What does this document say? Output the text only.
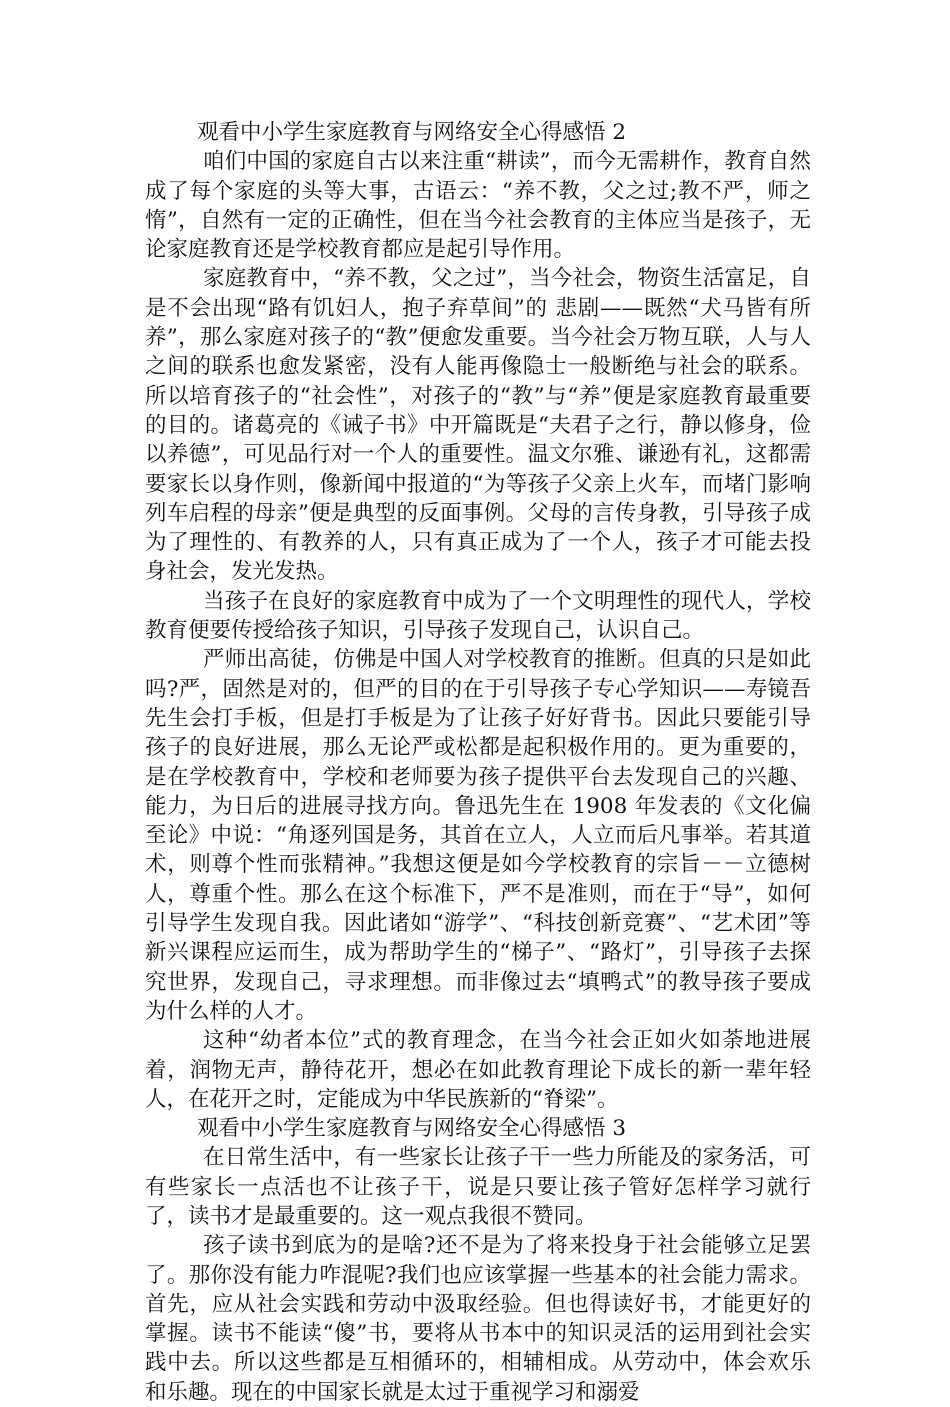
观看中小学生家庭教育与网络安全心得感悟 2

咱们中国的家庭自古以来注重“耕读”，而今无需耕作，教育自然成了每个家庭的头等大事，古语云：“养不教，父之过;教不严，师之惰”，自然有一定的正确性，但在当今社会教育的主体应当是孩子，无论家庭教育还是学校教育都应是起引导作用。

家庭教育中，“养不教，父之过”，当今社会，物资生活富足，自是不会出现“路有饥妇人，抱子弃草间”的 悲剧——既然“犬马皆有所养”，那么家庭对孩子的“教”便愈发重要。当今社会万物互联，人与人之间的联系也愈发紧密，没有人能再像隐士一般断绝与社会的联系。所以培育孩子的“社会性”，对孩子的“教”与“养”便是家庭教育最重要的目的。诸葛亮的《诫子书》中开篇既是“夫君子之行，静以修身，俭以养德”，可见品行对一个人的重要性。温文尔雅、谦逊有礼，这都需要家长以身作则，像新闻中报道的“为等孩子父亲上火车，而堵门影响列车启程的母亲”便是典型的反面事例。父母的言传身教，引导孩子成为了理性的、有教养的人，只有真正成为了一个人，孩子才可能去投身社会，发光发热。

当孩子在良好的家庭教育中成为了一个文明理性的现代人，学校教育便要传授给孩子知识，引导孩子发现自己，认识自己。

严师出高徒，仿佛是中国人对学校教育的推断。但真的只是如此吗?严，固然是对的，但严的目的在于引导孩子专心学知识——寿镜吾先生会打手板，但是打手板是为了让孩子好好背书。因此只要能引导孩子的良好进展，那么无论严或松都是起积极作用的。更为重要的，是在学校教育中，学校和老师要为孩子提供平台去发现自己的兴趣、能力，为日后的进展寻找方向。鲁迅先生在 1908 年发表的《文化偏至论》中说：“角逐列国是务，其首在立人，人立而后凡事举。若其道术，则尊个性而张精神。”我想这便是如今学校教育的宗旨－－立德树人，尊重个性。那么在这个标准下，严不是准则，而在于“导”，如何引导学生发现自我。因此诸如“游学”、“科技创新竞赛”、“艺术团”等新兴课程应运而生，成为帮助学生的“梯子”、“路灯”，引导孩子去探究世界，发现自己，寻求理想。而非像过去“填鸭式”的教导孩子要成为什么样的人才。

这种“幼者本位”式的教育理念，在当今社会正如火如荼地进展着，润物无声，静待花开，想必在如此教育理论下成长的新一辈年轻人，在花开之时，定能成为中华民族新的“脊梁”。

观看中小学生家庭教育与网络安全心得感悟 3

在日常生活中，有一些家长让孩子干一些力所能及的家务活，可有些家长一点活也不让孩子干，说是只要让孩子管好怎样学习就行了，读书才是最重要的。这一观点我很不赞同。

孩子读书到底为的是啥?还不是为了将来投身于社会能够立足罢了。那你没有能力咋混呢?我们也应该掌握一些基本的社会能力需求。首先，应从社会实践和劳动中汲取经验。但也得读好书，才能更好的掌握。读书不能读“傻”书，要将从书本中的知识灵活的运用到社会实践中去。所以这些都是互相循环的，相辅相成。从劳动中，体会欢乐和乐趣。现在的中国家长就是太过于重视学习和溺爱
